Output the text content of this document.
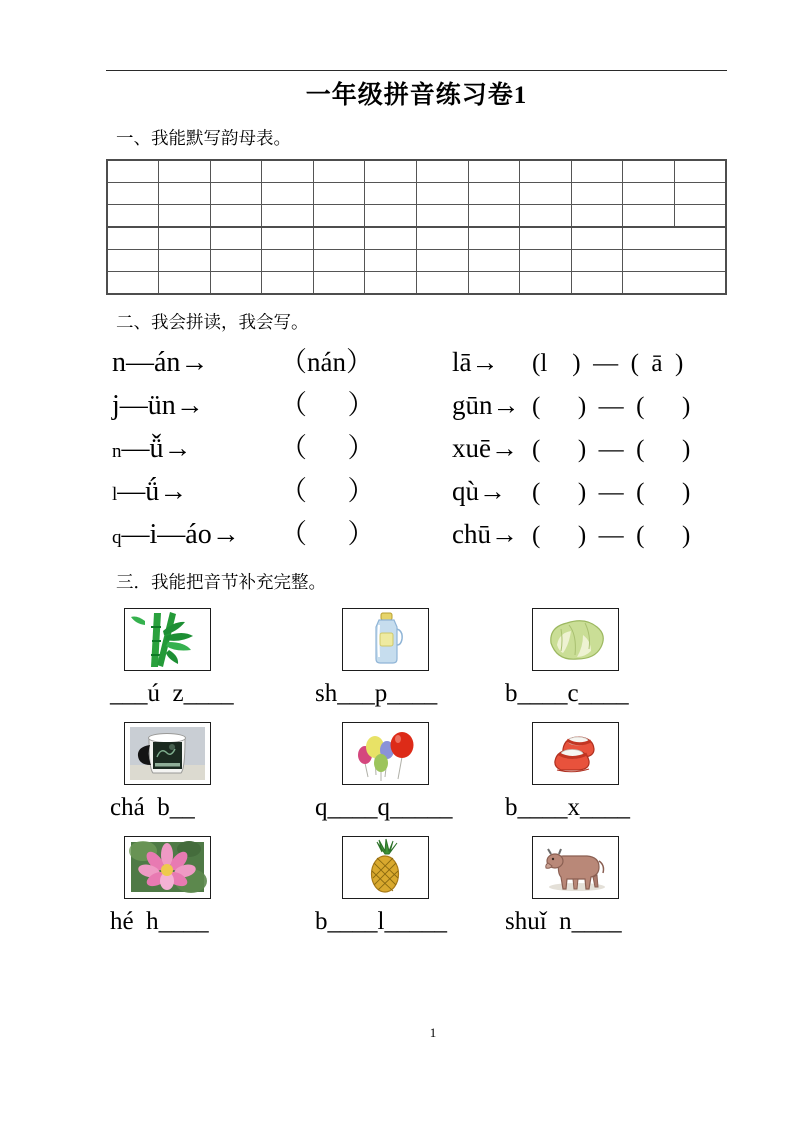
一年级拼音练习卷1
一、我能默写韵母表。

二、我会拼读，我会写。
n—án→	（nán）	lā→	(l  ) — ( ā )
j—ün→	（   ）	gūn→ (   ) — (   )
n—ǚ→	（   ）	xuē→ (   ) — (   )
l—ǘ→	（   ）	qù→	(   ) — (   )
q—i—áo→	（   ）	chū→ (   ) — (   )
三．我能把音节补充完整。
___ú z____	sh___p____	b____c____
chá b__	q____q_____	b____x____
hé h____	b____l_____	shuǐ n____
1
